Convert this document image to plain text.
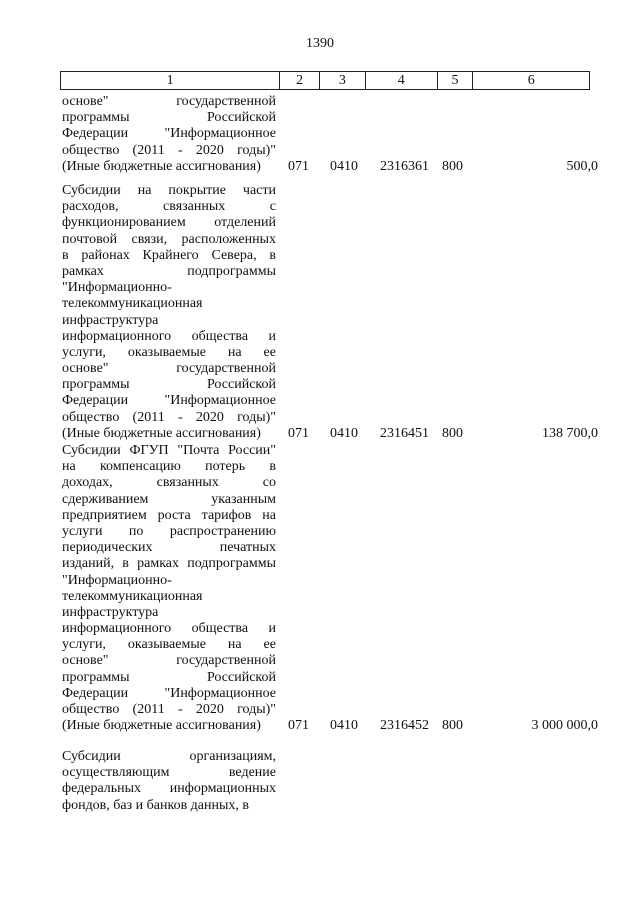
1390
1	2	3	4	5	6
основе" государственной
программы Российской
Федерации "Информационное
общество (2011 - 2020 годы)"
(Иные бюджетные ассигнования)	071 0410 2316361 800	500,0
Субсидии на покрытие части
расходов, связанных с
функционированием отделений
почтовой связи, расположенных
в районах Крайнего Севера, в
рамках подпрограммы
"Информационно-
телекоммуникационная
инфраструктура
информационного общества и
услуги, оказываемые на ее
основе" государственной
программы Российской
Федерации "Информационное
общество (2011 - 2020 годы)"
(Иные бюджетные ассигнования)	071 0410 2316451 800	138 700,0
Субсидии ФГУП "Почта России"
на компенсацию потерь в
доходах, связанных со
сдерживанием указанным
предприятием роста тарифов на
услуги по распространению
периодических печатных
изданий, в рамках подпрограммы
"Информационно-
телекоммуникационная
инфраструктура
информационного общества и
услуги, оказываемые на ее
основе" государственной
программы Российской
Федерации "Информационное
общество (2011 - 2020 годы)"
(Иные бюджетные ассигнования)	071 0410 2316452 800	3 000 000,0
Субсидии организациям,
осуществляющим ведение
федеральных информационных
фондов, баз и банков данных, в
